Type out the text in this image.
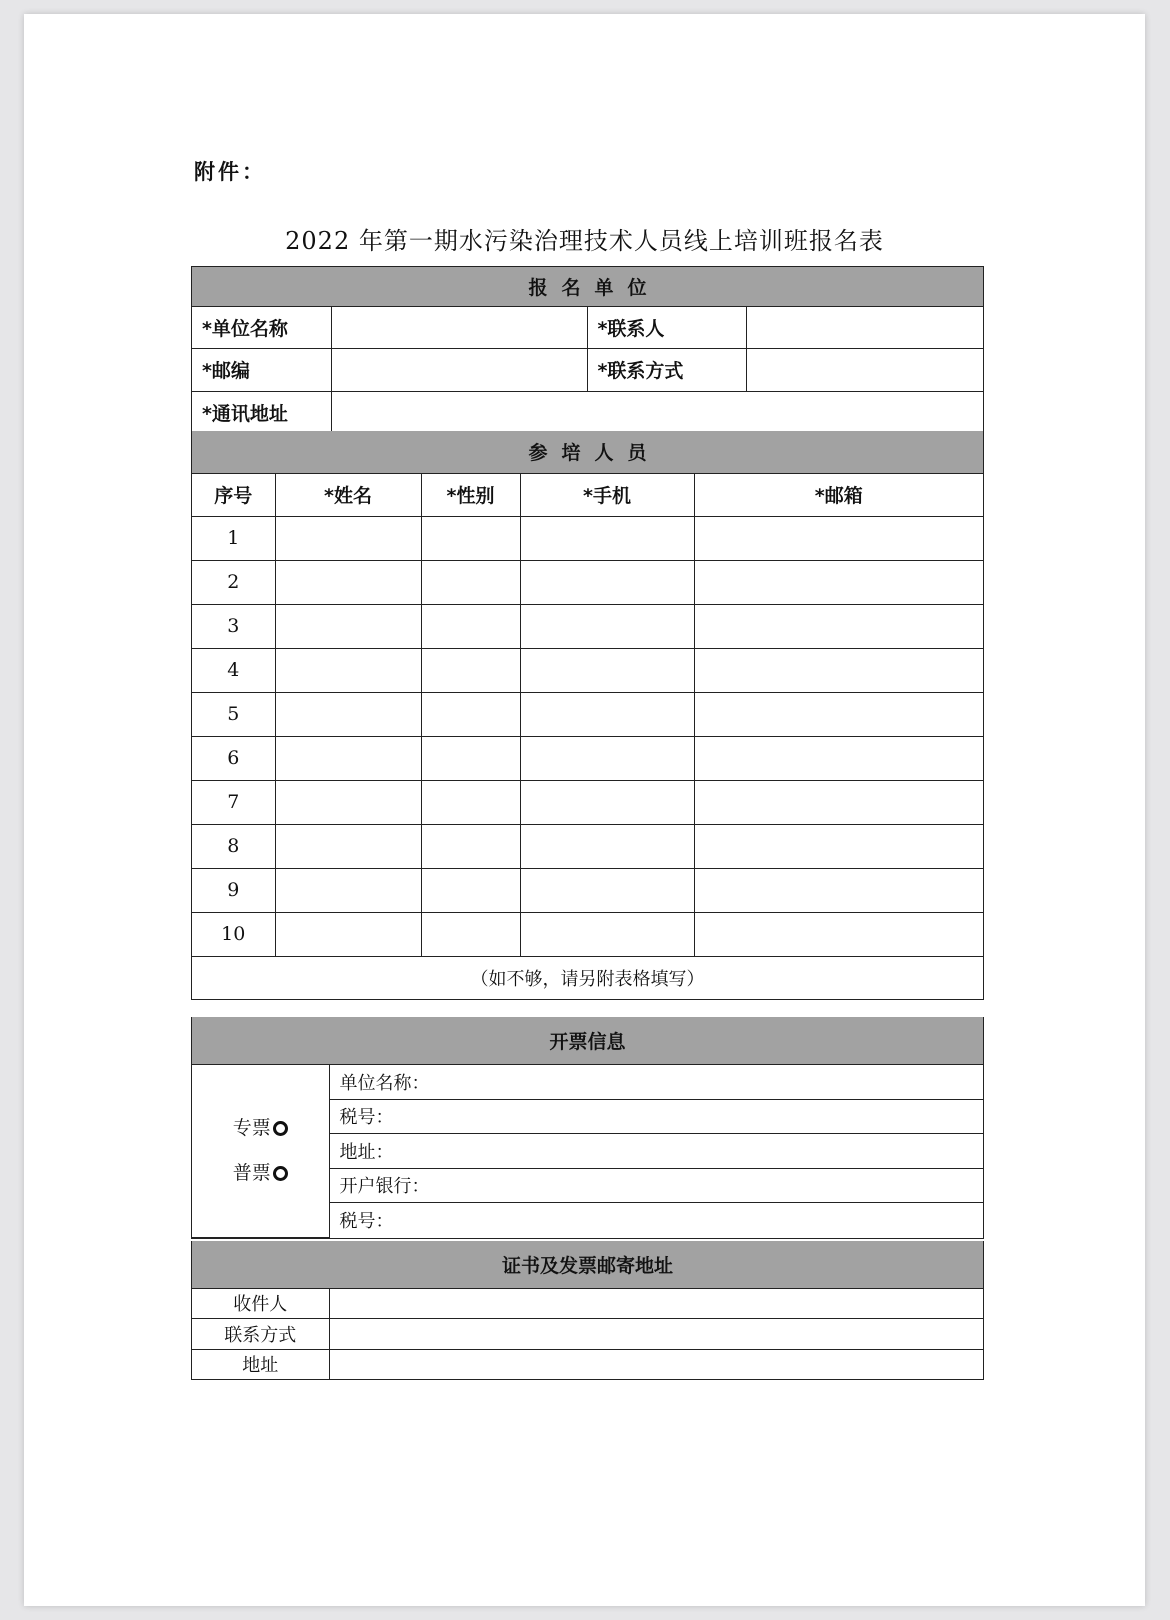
附件：
2022 年第一期水污染治理技术人员线上培训班报名表
报名单位			
*单位名称		*联系人	
*邮编		*联系方式	
*通讯地址			
参培人员				
序号	*姓名	*性别	*手机	*邮箱
1				
2				
3				
4				
5				
6				
7				
8				
9				
10				
（如不够，请另附表格填写）				
开票信息

专票
普票
	单位名称：
税号：
地址：
开户银行：
税号：
证书及发票邮寄地址	
收件人	
联系方式	
地址	
